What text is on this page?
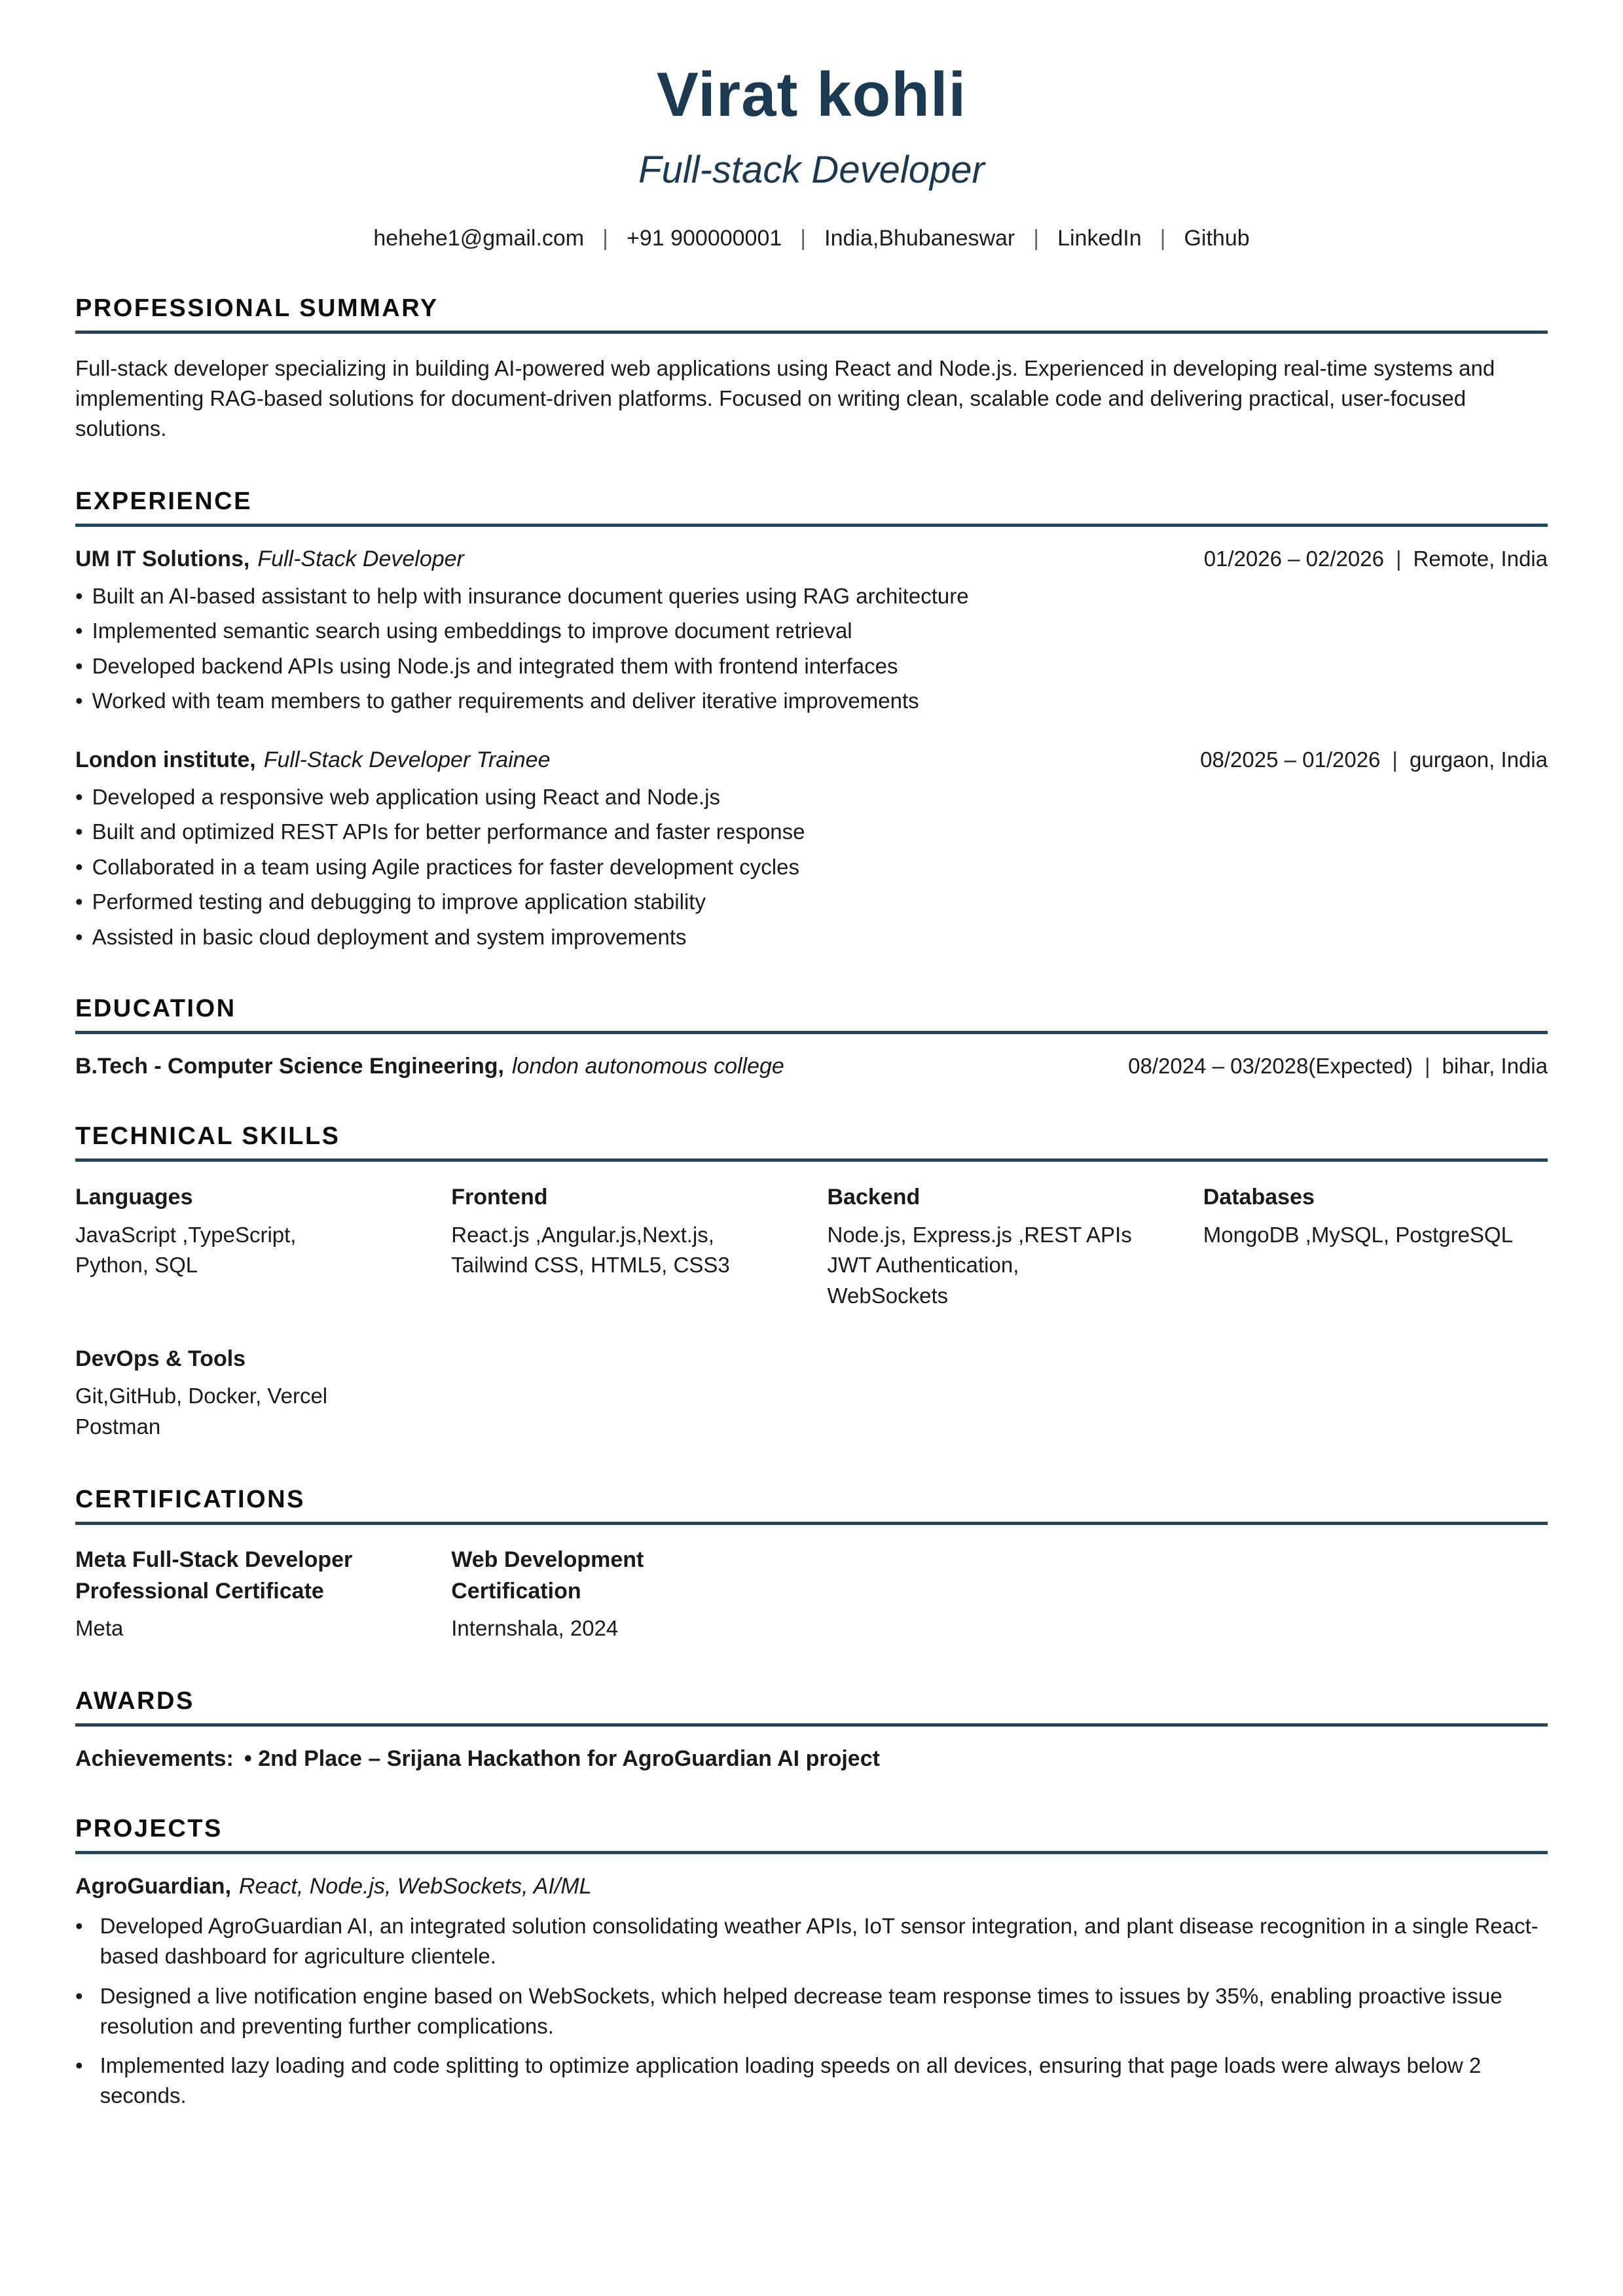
Virat kohli
Full-stack Developer
hehehe1@gmail.com | +91 900000001 | India,Bhubaneswar | LinkedIn | Github
PROFESSIONAL SUMMARY

Full-stack developer specializing in building AI-powered web applications using React and Node.js. Experienced in developing real-time systems and implementing RAG-based solutions for document-driven platforms. Focused on writing clean, scalable code and delivering practical, user-focused solutions.

EXPERIENCE
UM IT Solutions, Full-Stack Developer	01/2026 – 02/2026 | Remote, India
• Built an AI-based assistant to help with insurance document queries using RAG architecture
• Implemented semantic search using embeddings to improve document retrieval
• Developed backend APIs using Node.js and integrated them with frontend interfaces
• Worked with team members to gather requirements and deliver iterative improvements
London institute, Full-Stack Developer Trainee	08/2025 – 01/2026 | gurgaon, India
• Developed a responsive web application using React and Node.js
• Built and optimized REST APIs for better performance and faster response
• Collaborated in a team using Agile practices for faster development cycles
• Performed testing and debugging to improve application stability
• Assisted in basic cloud deployment and system improvements
EDUCATION
B.Tech - Computer Science Engineering, london autonomous college	08/2024 – 03/2028(Expected) | bihar, India
TECHNICAL SKILLS
Languages
JavaScript ,TypeScript,
Python, SQL
Frontend
React.js ,Angular.js,Next.js,
Tailwind CSS, HTML5, CSS3
Backend
Node.js, Express.js ,REST APIs
JWT Authentication,
WebSockets
Databases
MongoDB ,MySQL, PostgreSQL
DevOps & Tools
Git,GitHub, Docker, Vercel
Postman
CERTIFICATIONS
Meta Full-Stack Developer
Professional Certificate
Meta
Web Development
Certification
Internshala, 2024
AWARDS

Achievements: • 2nd Place – Srijana Hackathon for AgroGuardian AI project

PROJECTS
AgroGuardian, React, Node.js, WebSockets, AI/ML
• Developed AgroGuardian AI, an integrated solution consolidating weather APIs, IoT sensor integration, and plant disease recognition in a single React-based dashboard for agriculture clientele.
• Designed a live notification engine based on WebSockets, which helped decrease team response times to issues by 35%, enabling proactive issue resolution and preventing further complications.
• Implemented lazy loading and code splitting to optimize application loading speeds on all devices, ensuring that page loads were always below 2 seconds.
